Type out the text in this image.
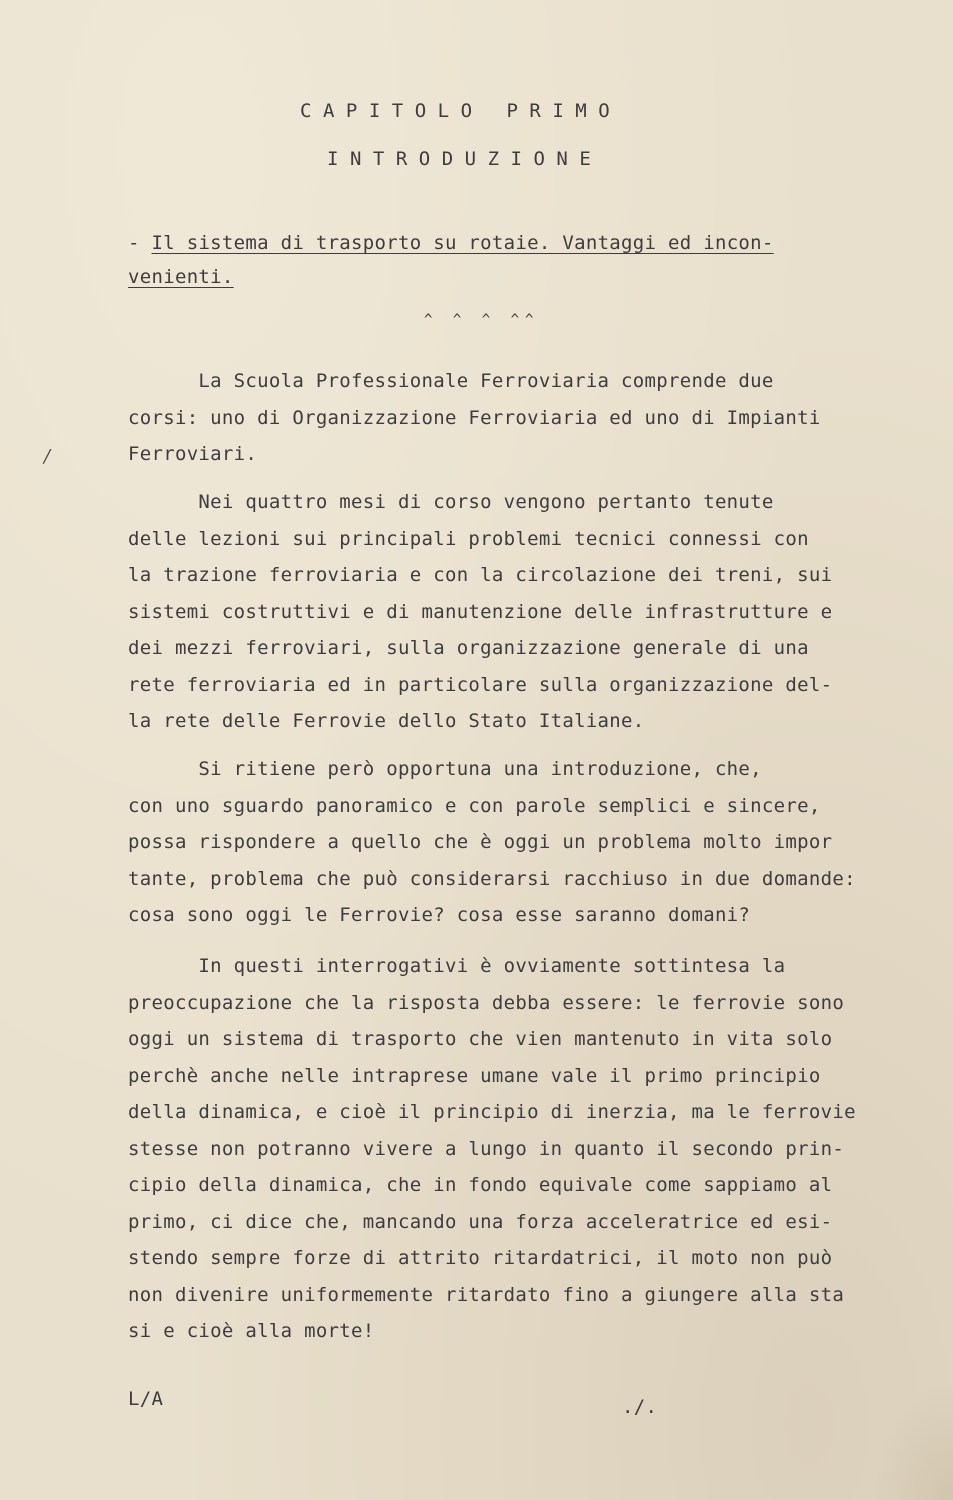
CAPITOLO PRIMO

INTRODUZIONE

- Il sistema di trasporto su rotaie. Vantaggi ed incon-
venienti.

^ ^ ^ ^^

/
La Scuola Professionale Ferroviaria comprende due
corsi: uno di Organizzazione Ferroviaria ed uno di Impianti
Ferroviari.
Nei quattro mesi di corso vengono pertanto tenute
delle lezioni sui principali problemi tecnici connessi con
la trazione ferroviaria e con la circolazione dei treni, sui
sistemi costruttivi e di manutenzione delle infrastrutture e
dei mezzi ferroviari, sulla organizzazione generale di una
rete ferroviaria ed in particolare sulla organizzazione del-
la rete delle Ferrovie dello Stato Italiane.
Si ritiene però opportuna una introduzione, che,
con uno sguardo panoramico e con parole semplici e sincere,
possa rispondere a quello che è oggi un problema molto impor
tante, problema che può considerarsi racchiuso in due domande:
cosa sono oggi le Ferrovie? cosa esse saranno domani?
In questi interrogativi è ovviamente sottintesa la
preoccupazione che la risposta debba essere: le ferrovie sono
oggi un sistema di trasporto che vien mantenuto in vita solo
perchè anche nelle intraprese umane vale il primo principio
della dinamica, e cioè il principio di inerzia, ma le ferrovie
stesse non potranno vivere a lungo in quanto il secondo prin-
cipio della dinamica, che in fondo equivale come sappiamo al
primo, ci dice che, mancando una forza acceleratrice ed esi-
stendo sempre forze di attrito ritardatrici, il moto non può
non divenire uniformemente ritardato fino a giungere alla sta
si e cioè alla morte!

L/A	./.
